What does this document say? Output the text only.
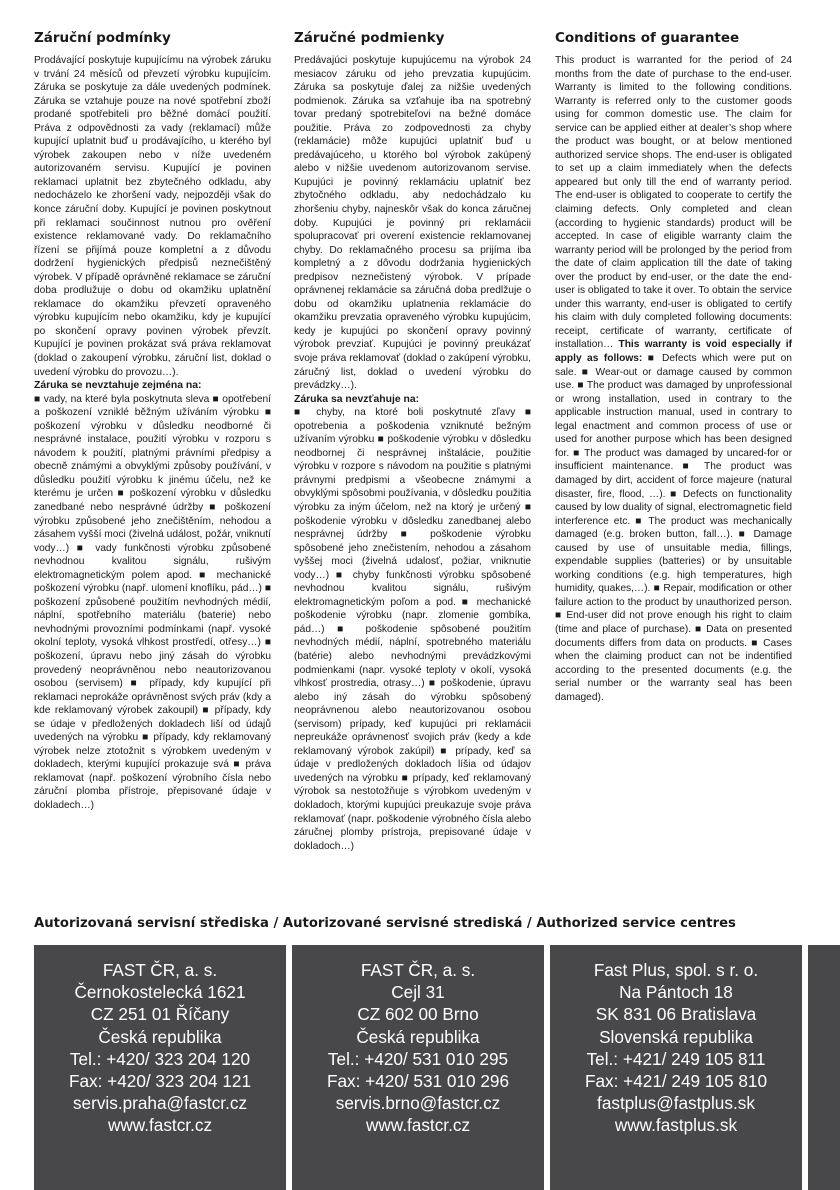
Záruční podmínky

Prodávající poskytuje kupujícímu na výrobek záruku v trvání 24 měsíců od převzetí výrobku kupujícím. Záruka se poskytuje za dále uvedených podmínek. Záruka se vztahuje pouze na nové spotřební zboží prodané spotřebiteli pro běžné domácí použití. Práva z odpovědnosti za vady (reklamací) může kupující uplatnit buď u prodávajícího, u kterého byl výrobek zakoupen nebo v níže uvedeném autorizovaném servisu. Kupující je povinen reklamaci uplatnit bez zbytečného odkladu, aby nedocházelo ke zhoršení vady, nejpozději však do konce záruční doby. Kupující je povinen poskytnout při reklamaci součinnost nutnou pro ověření existence reklamované vady. Do reklamačního řízení se přijímá pouze kompletní a z důvodu dodržení hygienických předpisů neznečištěný výrobek. V případě oprávněné reklamace se záruční doba prodlužuje o dobu od okamžiku uplatnění reklamace do okamžiku převzetí opraveného výrobku kupujícím nebo okamžiku, kdy je kupující po skončení opravy povinen výrobek převzít. Kupující je povinen prokázat svá práva reklamovat (doklad o zakoupení výrobku, záruční list, doklad o uvedení výrobku do provozu…).
Záruka se nevztahuje zejména na:
■ vady, na které byla poskytnuta sleva ■ opotřebení a poškození vzniklé běžným užíváním výrobku ■ poškození výrobku v důsledku neodborné či nesprávné instalace, použití výrobku v rozporu s návodem k použití, platnými právními předpisy a obecně známými a obvyklými způsoby používání, v důsledku použití výrobku k jinému účelu, než ke kterému je určen ■ poškození výrobku v důsledku zanedbané nebo nesprávné údržby ■ poškození výrobku způsobené jeho znečištěním, nehodou a zásahem vyšší moci (živelná událost, požár, vniknutí vody…) ■ vady funkčnosti výrobku způsobené nevhodnou kvalitou signálu, rušivým elektromagnetickým polem apod. ■ mechanické poškození výrobku (např. ulomení knoflíku, pád…) ■ poškození způsobené použitím nevhodných médií, náplní, spotřebního materiálu (baterie) nebo nevhodnými provozními podmínkami (např. vysoké okolní teploty, vysoká vlhkost prostředí, otřesy…) ■ poškození, úpravu nebo jiný zásah do výrobku provedený neoprávněnou nebo neautorizovanou osobou (servisem) ■ případy, kdy kupující při reklamaci neprokáže oprávněnost svých práv (kdy a kde reklamovaný výrobek zakoupil) ■ případy, kdy se údaje v předložených dokladech liší od údajů uvedených na výrobku ■ případy, kdy reklamovaný výrobek nelze ztotožnit s výrobkem uvedeným v dokladech, kterými kupující prokazuje svá ■ práva reklamovat (např. poškození výrobního čísla nebo záruční plomba přístroje, přepisované údaje v dokladech…)

Záručné podmienky

Predávajúci poskytuje kupujúcemu na výrobok 24 mesiacov záruku od jeho prevzatia kupujúcim. Záruka sa poskytuje ďalej za nižšie uvedených podmienok. Záruka sa vzťahuje iba na spotrebný tovar predaný spotrebiteľovi na bežné domáce použitie. Práva zo zodpovednosti za chyby (reklamácie) môže kupujúci uplatniť buď u predávajúceho, u ktorého bol výrobok zakúpený alebo v nižšie uvedenom autorizovanom servise. Kupujúci je povinný reklamáciu uplatniť bez zbytočného odkladu, aby nedochádzalo ku zhoršeniu chyby, najneskôr však do konca záručnej doby. Kupujúci je povinný pri reklamácii spolupracovať pri overení existencie reklamovanej chyby. Do reklamačného procesu sa prijíma iba kompletný a z dôvodu dodržania hygienických predpisov neznečistený výrobok. V prípade oprávnenej reklamácie sa záručná doba predlžuje o dobu od okamžiku uplatnenia reklamácie do okamžiku prevzatia opraveného výrobku kupujúcim, kedy je kupujúci po skončení opravy povinný výrobok prevziať. Kupujúci je povinný preukázať svoje práva reklamovať (doklad o zakúpení výrobku, záručný list, doklad o uvedení výrobku do prevádzky…).
Záruka sa nevzťahuje na:
■ chyby, na ktoré boli poskytnuté zľavy ■ opotrebenia a poškodenia vzniknuté bežným užívaním výrobku ■ poškodenie výrobku v dôsledku neodbornej či nesprávnej inštalácie, použitie výrobku v rozpore s návodom na použitie s platnými právnymi predpismi a všeobecne známymi a obvyklými spôsobmi používania, v dôsledku použitia výrobku za iným účelom, než na ktorý je určený ■ poškodenie výrobku v dôsledku zanedbanej alebo nesprávnej údržby ■ poškodenie výrobku spôsobené jeho znečistením, nehodou a zásahom vyššej moci (živelná udalosť, požiar, vniknutie vody…) ■ chyby funkčnosti výrobku spôsobené nevhodnou kvalitou signálu, rušivým elektromagnetickým poľom a pod. ■ mechanické poškodenie výrobku (napr. zlomenie gombíka, pád…) ■ poškodenie spôsobené použitím nevhodných médií, náplní, spotrebného materiálu (batérie) alebo nevhodnými prevádzkovými podmienkami (napr. vysoké teploty v okolí, vysoká vlhkosť prostredia, otrasy…) ■ poškodenie, úpravu alebo iný zásah do výrobku spôsobený neoprávnenou alebo neautorizovanou osobou (servisom) prípady, keď kupujúci pri reklamácii nepreukáže oprávnenosť svojich práv (kedy a kde reklamovaný výrobok zakúpil) ■ prípady, keď sa údaje v predložených dokladoch líšia od údajov uvedených na výrobku ■ prípady, keď reklamovaný výrobok sa nestotožňuje s výrobkom uvedeným v dokladoch, ktorými kupujúci preukazuje svoje práva reklamovať (napr. poškodenie výrobného čísla alebo záručnej plomby prístroja, prepisované údaje v dokladoch…)

Conditions of guarantee

This product is warranted for the period of 24 months from the date of purchase to the end-user. Warranty is limited to the following conditions. Warranty is referred only to the customer goods using for common domestic use. The claim for service can be applied either at dealer’s shop where the product was bought, or at below mentioned authorized service shops. The end-user is obligated to set up a claim immediately when the defects appeared but only till the end of warranty period. The end-user is obligated to cooperate to certify the claiming defects. Only completed and clean (according to hygienic standards) product will be accepted. In case of eligible warranty claim the warranty period will be prolonged by the period from the date of claim application till the date of taking over the product by end-user, or the date the end-user is obligated to take it over. To obtain the service under this warranty, end-user is obligated to certify his claim with duly completed following documents: receipt, certificate of warranty, certificate of installation… This warranty is void especially if apply as follows: ■ Defects which were put on sale. ■ Wear-out or damage caused by common use. ■ The product was damaged by unprofessional or wrong installation, used in contrary to the applicable instruction manual, used in contrary to legal enactment and common process of use or used for another purpose which has been designed for. ■ The product was damaged by uncared-for or insufficient maintenance. ■ The product was damaged by dirt, accident of force majeure (natural disaster, fire, flood, …). ■ Defects on functionality caused by low duality of signal, electromagnetic field interference etc. ■ The product was mechanically damaged (e.g. broken button, fall…). ■ Damage caused by use of unsuitable media, fillings, expendable supplies (batteries) or by unsuitable working conditions (e.g. high temperatures, high humidity, quakes,…). ■ Repair, modification or other failure action to the product by unauthorized person. ■ End-user did not prove enough his right to claim (time and place of purchase). ■ Data on presented documents differs from data on products. ■ Cases when the claiming product can not be indentified according to the presented documents (e.g. the serial number or the warranty seal has been damaged).

Autorizovaná servisní střediska / Autorizované servisné strediská / Authorized service centres
FAST ČR, a. s.
Černokostelecká 1621
CZ 251 01 Říčany
Česká republika
Tel.: +420/ 323 204 120
Fax: +420/ 323 204 121
servis.praha@fastcr.cz
www.fastcr.cz
FAST ČR, a. s.
Cejl 31
CZ 602 00 Brno
Česká republika
Tel.: +420/ 531 010 295
Fax: +420/ 531 010 296
servis.brno@fastcr.cz
www.fastcr.cz
Fast Plus, spol. s r. o.
Na Pántoch 18
SK 831 06 Bratislava
Slovenská republika
Tel.: +421/ 249 105 811
Fax: +421/ 249 105 810
fastplus@fastplus.sk
www.fastplus.sk
